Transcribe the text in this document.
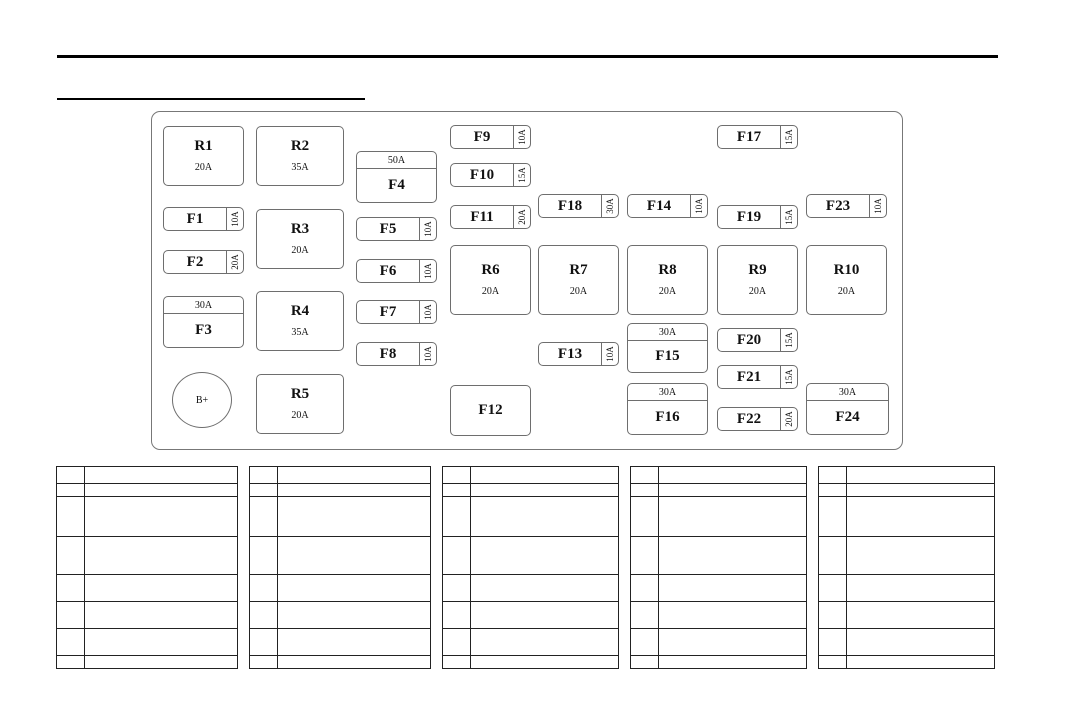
R1
20A
R2
35A
R3
20A
R4
35A
R5
20A
R6
20A
R7
20A
R8
20A
R9
20A
R10
20A
F1	10A
F2	20A
F5	10A
F6	10A
F7	10A
F8	10A
F9	10A
F10	15A
F11	20A
F13	10A
F14	10A
F17	15A
F18	30A
F19	15A
F20	15A
F21	15A
F22	20A
F23	10A
30A
F3
50A
F4
30A
F15
30A
F16
30A
F24
F12
B+
